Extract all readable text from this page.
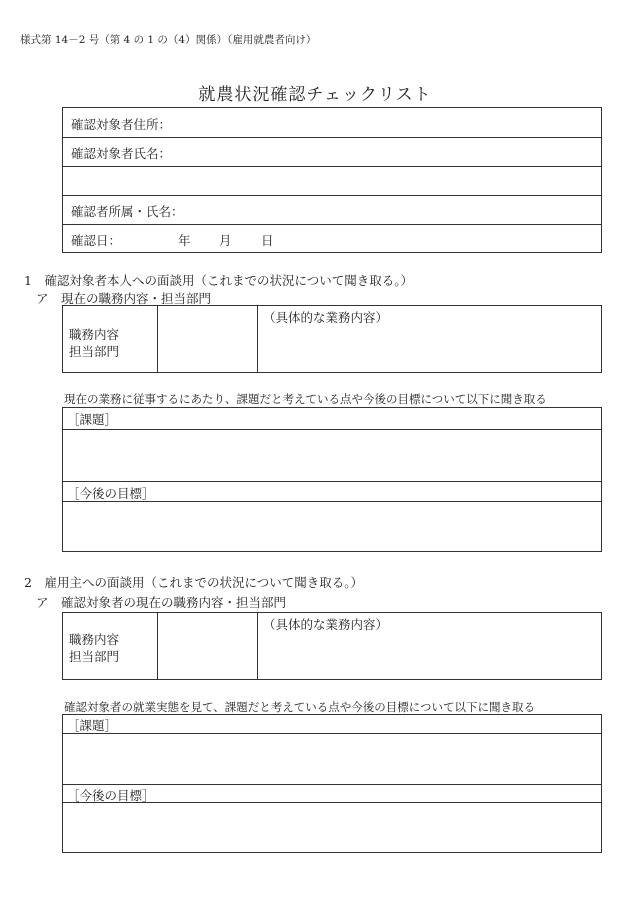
様式第 14－2 号（第 4 の 1 の（4）関係）（雇用就農者向け）
就農状況確認チェックリスト
確認対象者住所：
確認対象者氏名：
確認者所属・氏名：
確認日：	年 月 日
1　確認対象者本人への面談用（これまでの状況について聞き取る。）
ア　現在の職務内容・担当部門
職務内容
担当部門
（具体的な業務内容）
現在の業務に従事するにあたり、課題だと考えている点や今後の目標について以下に聞き取る
［課題］
［今後の目標］
2　雇用主への面談用（これまでの状況について聞き取る。）
ア　確認対象者の現在の職務内容・担当部門
職務内容
担当部門
（具体的な業務内容）
確認対象者の就業実態を見て、課題だと考えている点や今後の目標について以下に聞き取る
［課題］
［今後の目標］
